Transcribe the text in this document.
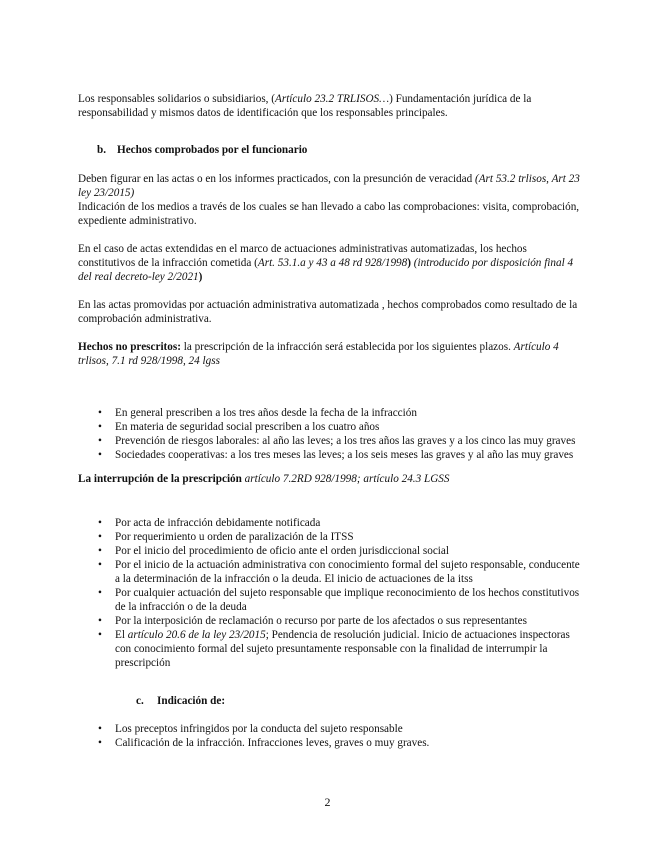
Los responsables solidarios o subsidiarios, (Artículo 23.2 TRLISOS…) Fundamentación jurídica de la responsabilidad y mismos datos de identificación que los responsables principales.

b. Hechos comprobados por el funcionario

Deben figurar en las actas o en los informes practicados, con la presunción de veracidad (Art 53.2 trlisos, Art 23 ley 23/2015)

Indicación de los medios a través de los cuales se han llevado a cabo las comprobaciones: visita, comprobación, expediente administrativo.

En el caso de actas extendidas en el marco de actuaciones administrativas automatizadas, los hechos constitutivos de la infracción cometida (Art. 53.1.a y 43 a 48 rd 928/1998) (introducido por disposición final 4 del real decreto-ley 2/2021)

En las actas promovidas por actuación administrativa automatizada , hechos comprobados como resultado de la comprobación administrativa.

Hechos no prescritos: la prescripción de la infracción será establecida por los siguientes plazos. Artículo 4 trlisos, 7.1 rd 928/1998, 24 lgss

• En general prescriben a los tres años desde la fecha de la infracción
• En materia de seguridad social prescriben a los cuatro años
• Prevención de riesgos laborales: al año las leves; a los tres años las graves y a los cinco las muy graves
• Sociedades cooperativas: a los tres meses las leves; a los seis meses las graves y al año las muy graves

La interrupción de la prescripción artículo 7.2RD 928/1998; artículo 24.3 LGSS

• Por acta de infracción debidamente notificada
• Por requerimiento u orden de paralización de la ITSS
• Por el inicio del procedimiento de oficio ante el orden jurisdiccional social
• Por el inicio de la actuación administrativa con conocimiento formal del sujeto responsable, conducente a la determinación de la infracción o la deuda. El inicio de actuaciones de la itss
• Por cualquier actuación del sujeto responsable que implique reconocimiento de los hechos constitutivos de la infracción o de la deuda
• Por la interposición de reclamación o recurso por parte de los afectados o sus representantes
• El artículo 20.6 de la ley 23/2015; Pendencia de resolución judicial. Inicio de actuaciones inspectoras con conocimiento formal del sujeto presuntamente responsable con la finalidad de interrumpir la prescripción

c. Indicación de:

• Los preceptos infringidos por la conducta del sujeto responsable
• Calificación de la infracción. Infracciones leves, graves o muy graves.
2
